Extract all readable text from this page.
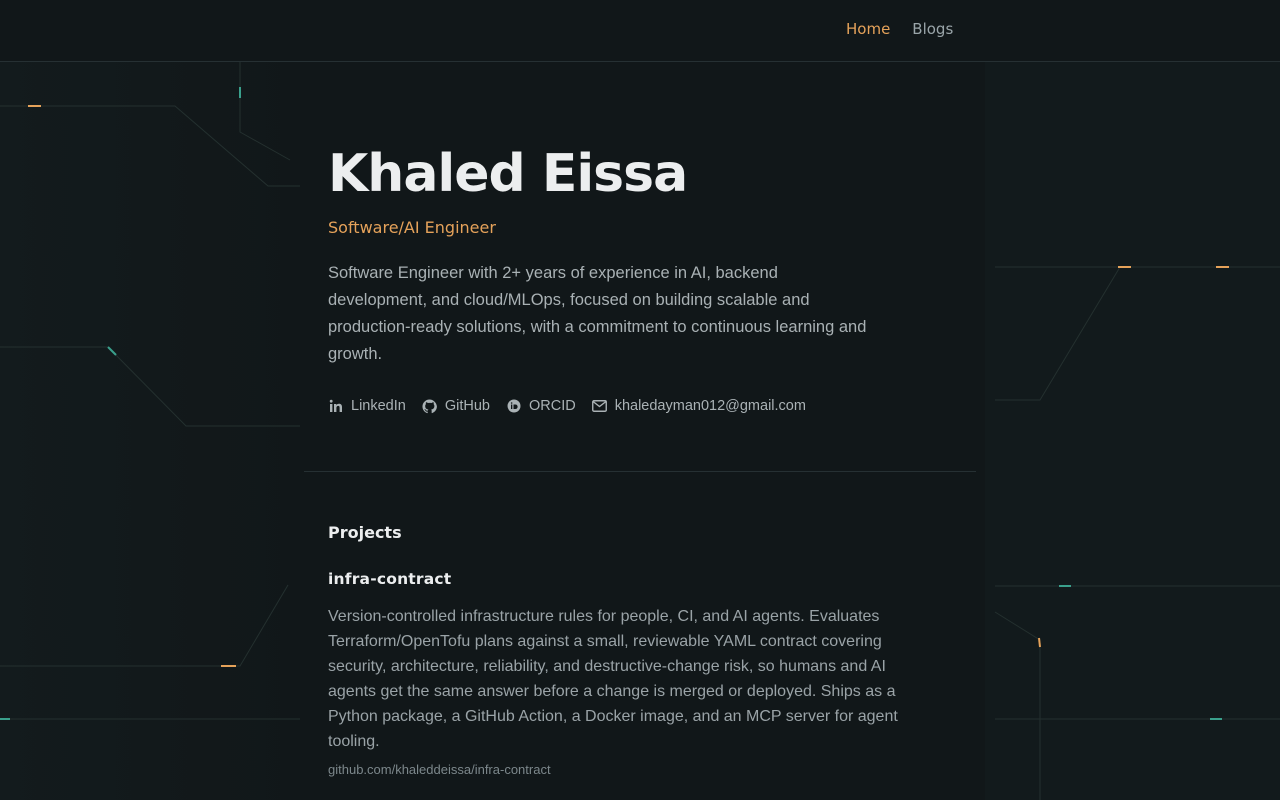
Home Blogs
Khaled Eissa
Software/AI Engineer

Software Engineer with 2+ years of experience in AI, backend development, and cloud/MLOps, focused on building scalable and production-ready solutions, with a commitment to continuous learning and growth.

LinkedIn	GitHub	ORCID	khaledayman012@gmail.com
Projects
infra-contract

Version-controlled infrastructure rules for people, CI, and AI agents. Evaluates Terraform/OpenTofu plans against a small, reviewable YAML contract covering security, architecture, reliability, and destructive-change risk, so humans and AI agents get the same answer before a change is merged or deployed. Ships as a Python package, a GitHub Action, a Docker image, and an MCP server for agent tooling.

github.com/khaleddeissa/infra-contract
